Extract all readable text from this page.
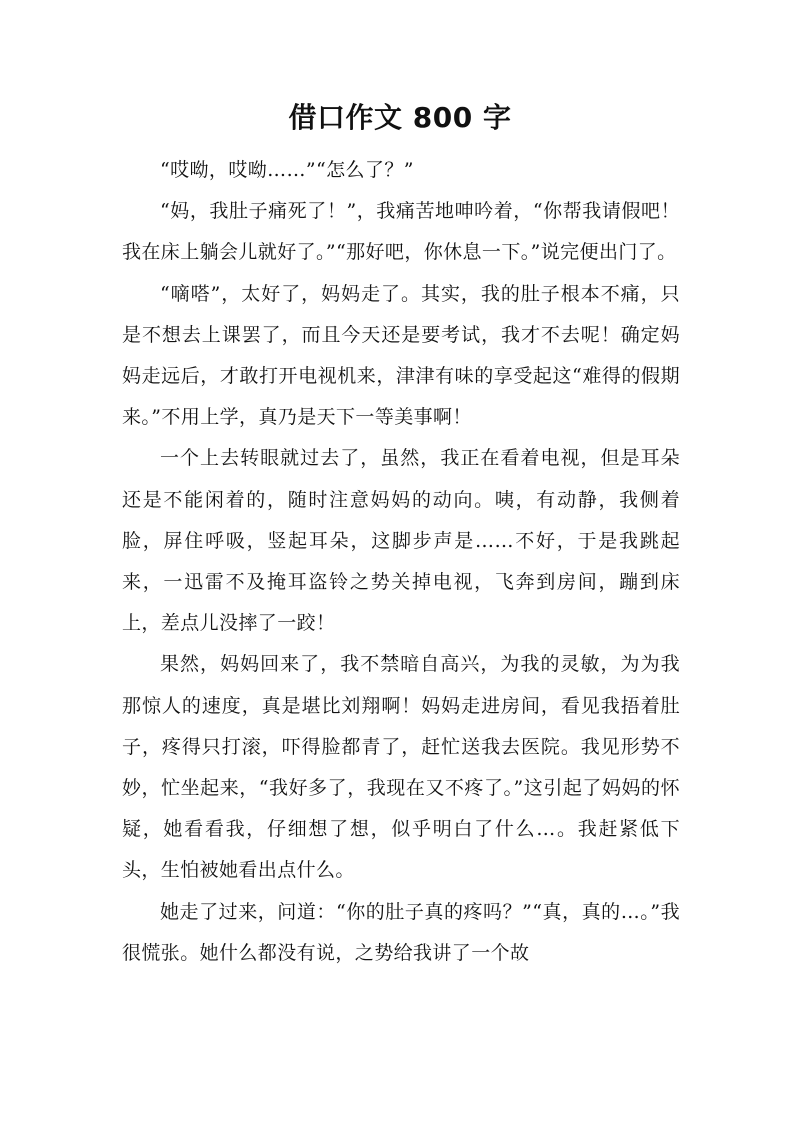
借口作文 800 字

“哎呦，哎呦……”“怎么了？”

“妈，我肚子痛死了！”，我痛苦地呻吟着，“你帮我请假吧！我在床上躺会儿就好了。”“那好吧，你休息一下。”说完便出门了。

“嘀嗒”，太好了，妈妈走了。其实，我的肚子根本不痛，只是不想去上课罢了，而且今天还是要考试，我才不去呢！确定妈妈走远后，才敢打开电视机来，津津有味的享受起这“难得的假期来。”不用上学，真乃是天下一等美事啊！

一个上去转眼就过去了，虽然，我正在看着电视，但是耳朵还是不能闲着的，随时注意妈妈的动向。咦，有动静，我侧着脸，屏住呼吸，竖起耳朵，这脚步声是……不好，于是我跳起来，一迅雷不及掩耳盗铃之势关掉电视，飞奔到房间，蹦到床上，差点儿没摔了一跤！

果然，妈妈回来了，我不禁暗自高兴，为我的灵敏，为为我那惊人的速度，真是堪比刘翔啊！妈妈走进房间，看见我捂着肚子，疼得只打滚，吓得脸都青了，赶忙送我去医院。我见形势不妙，忙坐起来，“我好多了，我现在又不疼了。”这引起了妈妈的怀疑，她看看我，仔细想了想，似乎明白了什么…。我赶紧低下头，生怕被她看出点什么。

她走了过来，问道：“你的肚子真的疼吗？”“真，真的…。”我很慌张。她什么都没有说，之势给我讲了一个故
